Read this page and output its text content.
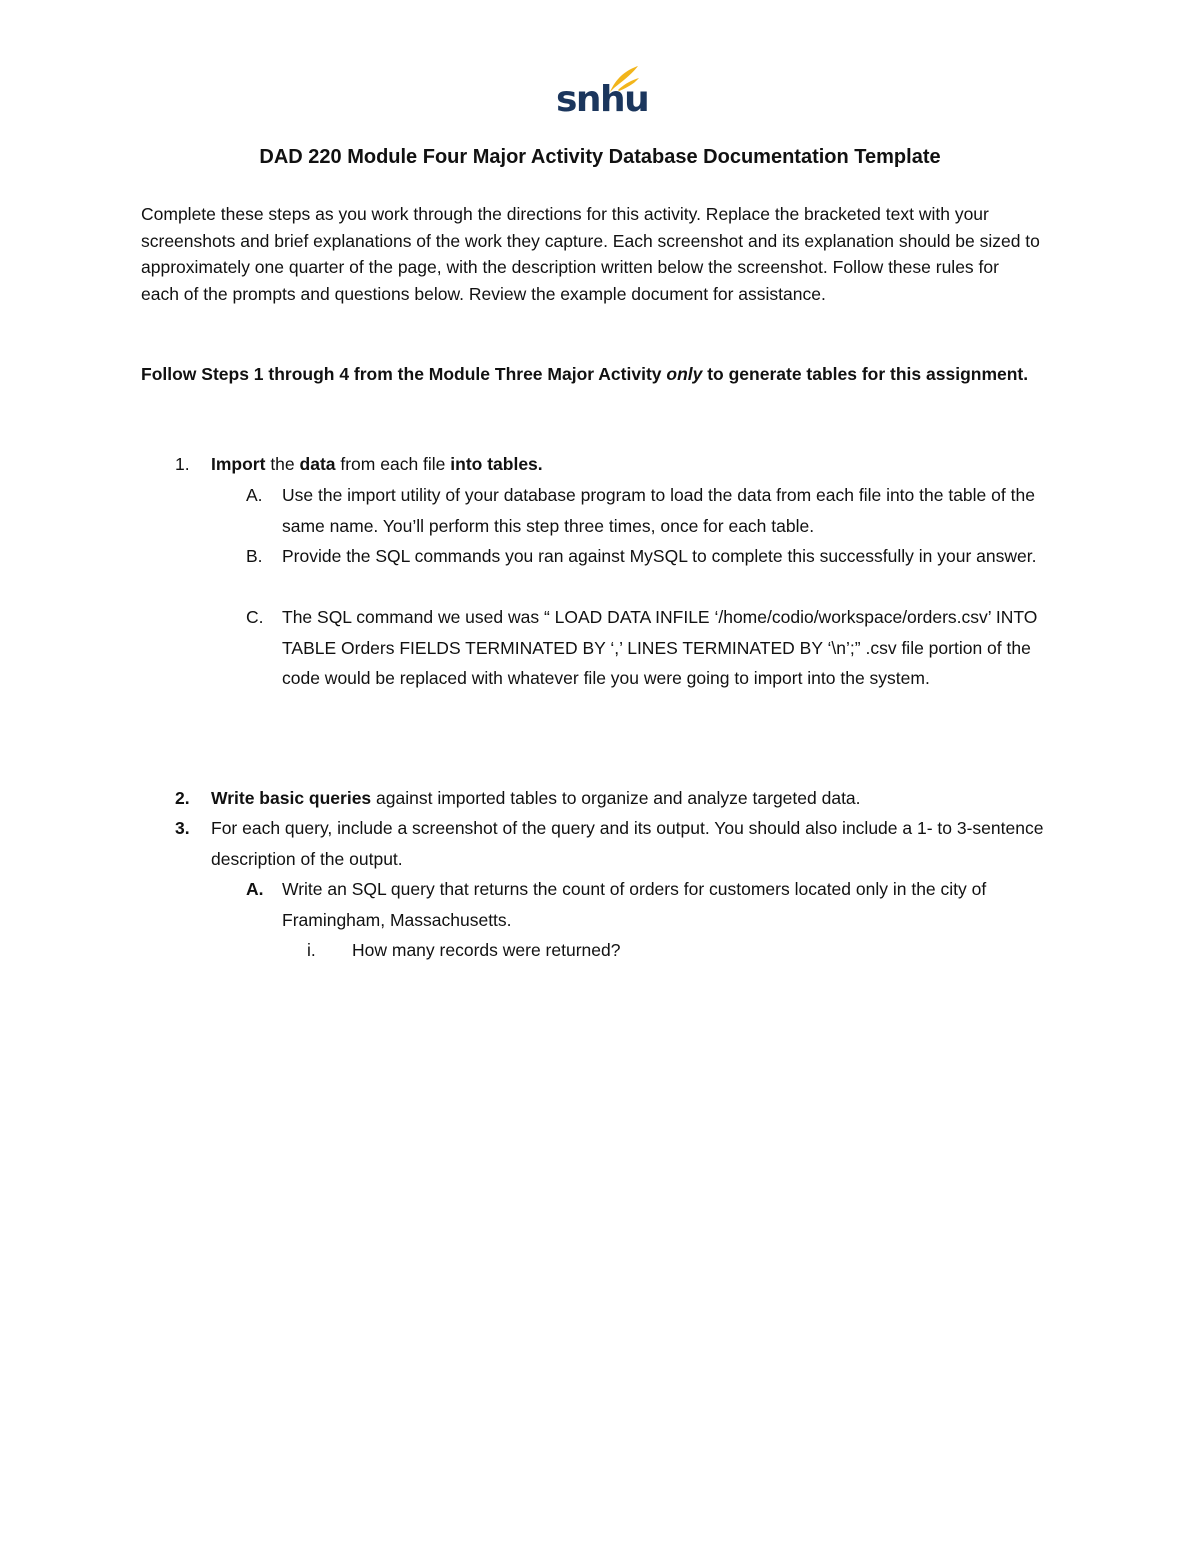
snhu
DAD 220 Module Four Major Activity Database Documentation Template

Complete these steps as you work through the directions for this activity. Replace the bracketed text with your screenshots and brief explanations of the work they capture. Each screenshot and its explanation should be sized to approximately one quarter of the page, with the description written below the screenshot. Follow these rules for each of the prompts and questions below. Review the example document for assistance.

Follow Steps 1 through 4 from the Module Three Major Activity only to generate tables for this assignment.

1. Import the data from each file into tables.
A. Use the import utility of your database program to load the data from each file into the table of the same name. You’ll perform this step three times, once for each table.
B. Provide the SQL commands you ran against MySQL to complete this successfully in your answer.
C. The SQL command we used was “ LOAD DATA INFILE ‘/home/codio/workspace/orders.csv’ INTO TABLE Orders FIELDS TERMINATED BY ‘,’ LINES TERMINATED BY ‘\n’;” .csv file portion of the code would be replaced with whatever file you were going to import into the system.
2. Write basic queries against imported tables to organize and analyze targeted data.
3. For each query, include a screenshot of the query and its output. You should also include a 1- to 3-sentence description of the output.
A. Write an SQL query that returns the count of orders for customers located only in the city of Framingham, Massachusetts.
i. How many records were returned?
